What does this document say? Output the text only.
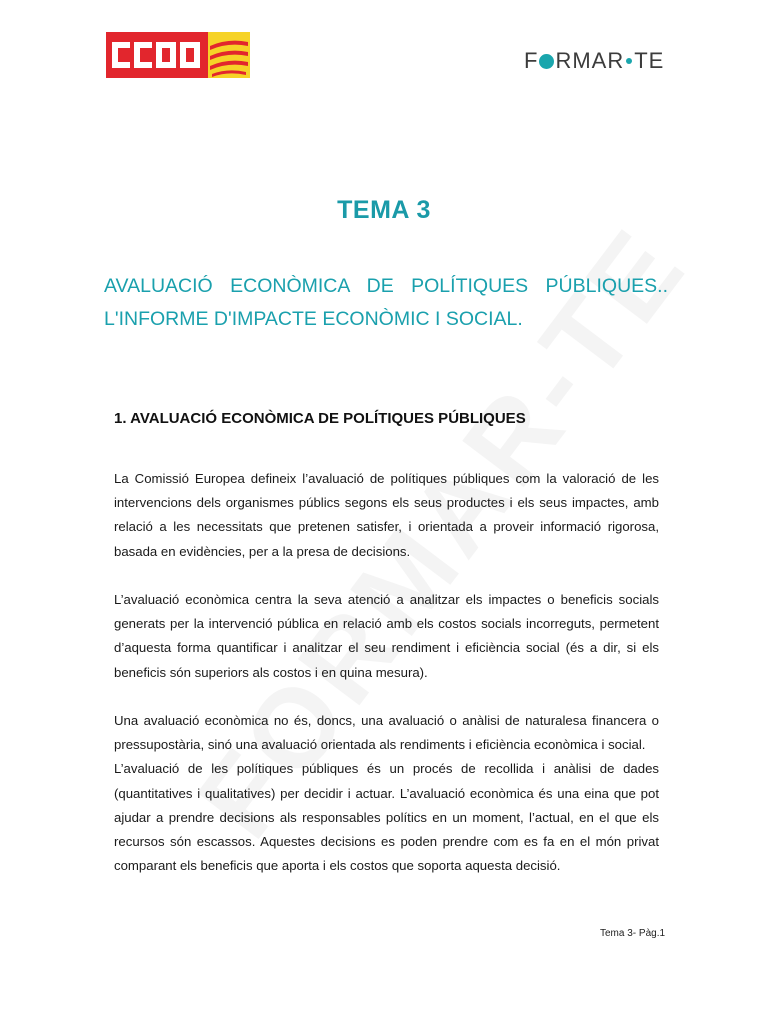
F RMAR TE
TEMA 3
AVALUACIÓ ECONÒMICA DE POLÍTIQUES PÚBLIQUES.. L'INFORME D'IMPACTE ECONÒMIC I SOCIAL.
1. AVALUACIÓ ECONÒMICA DE POLÍTIQUES PÚBLIQUES

La Comissió Europea defineix l’avaluació de polítiques públiques com la valoració de les intervencions dels organismes públics segons els seus productes i els seus impactes, amb relació a les necessitats que pretenen satisfer, i orientada a proveir informació rigorosa, basada en evidències, per a la presa de decisions.

L’avaluació econòmica centra la seva atenció a analitzar els impactes o beneficis socials generats per la intervenció pública en relació amb els costos socials incorreguts, permetent d’aquesta forma quantificar i analitzar el seu rendiment i eficiència social (és a dir, si els beneficis són superiors als costos i en quina mesura).

Una avaluació econòmica no és, doncs, una avaluació o anàlisi de naturalesa financera o pressupostària, sinó una avaluació orientada als rendiments i eficiència econòmica i social.

L’avaluació de les polítiques públiques és un procés de recollida i anàlisi de dades (quantitatives i qualitatives) per decidir i actuar. L’avaluació econòmica és una eina que pot ajudar a prendre decisions als responsables polítics en un moment, l’actual, en el que els recursos són escassos. Aquestes decisions es poden prendre com es fa en el món privat comparant els beneficis que aporta i els costos que soporta aquesta decisió.

Tema 3- Pàg.1
